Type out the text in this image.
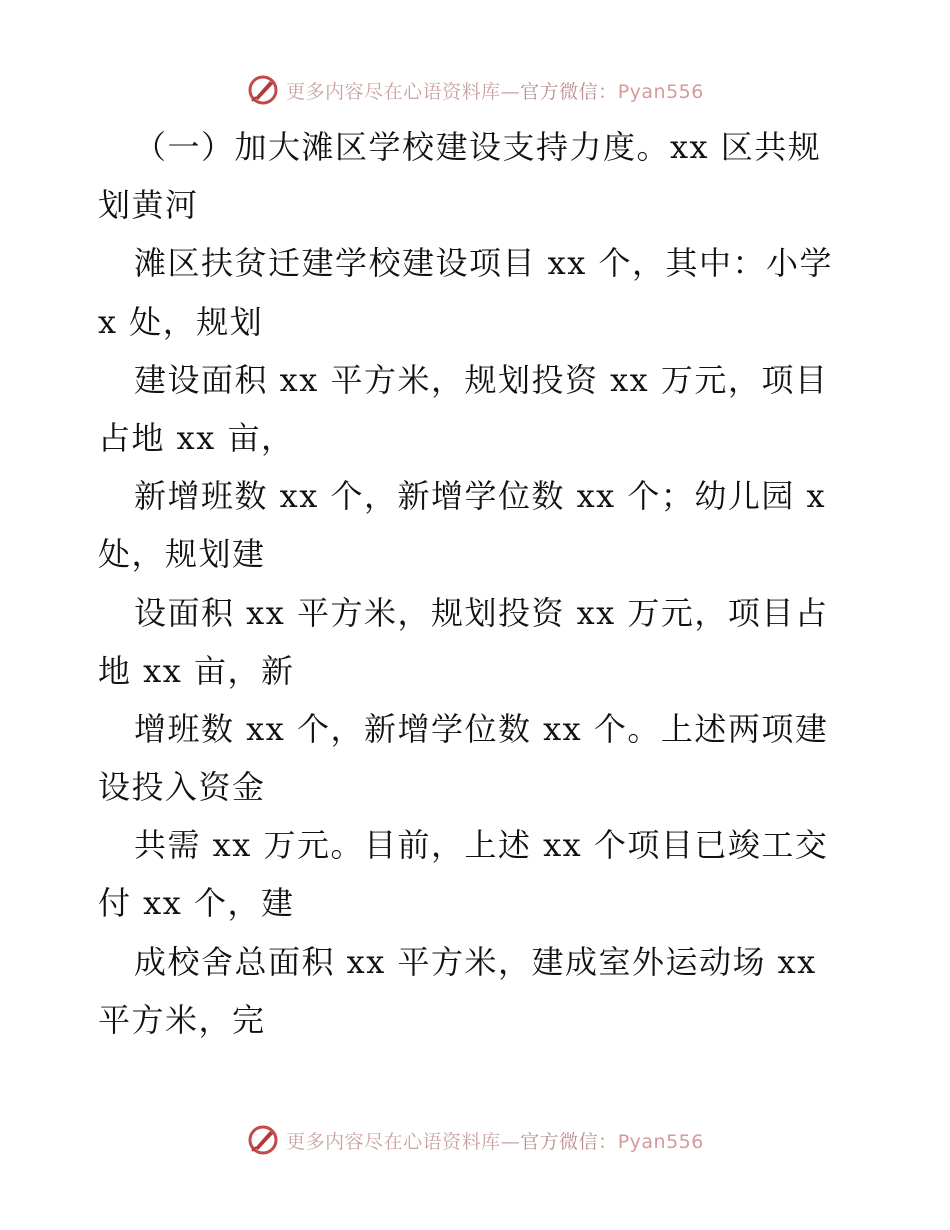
更多内容尽在心语资料库—官方微信：Pyan556
（一）加大滩区学校建设支持力度。xx 区共规
划黄河
滩区扶贫迁建学校建设项目 xx 个，其中：小学
x 处，规划
建设面积 xx 平方米，规划投资 xx 万元，项目
占地 xx 亩，
新增班数 xx 个，新增学位数 xx 个；幼儿园 x
处，规划建
设面积 xx 平方米，规划投资 xx 万元，项目占
地 xx 亩，新
增班数 xx 个，新增学位数 xx 个。上述两项建
设投入资金
共需 xx 万元。目前，上述 xx 个项目已竣工交
付 xx 个，建
成校舍总面积 xx 平方米，建成室外运动场 xx
平方米，完
更多内容尽在心语资料库—官方微信：Pyan556
